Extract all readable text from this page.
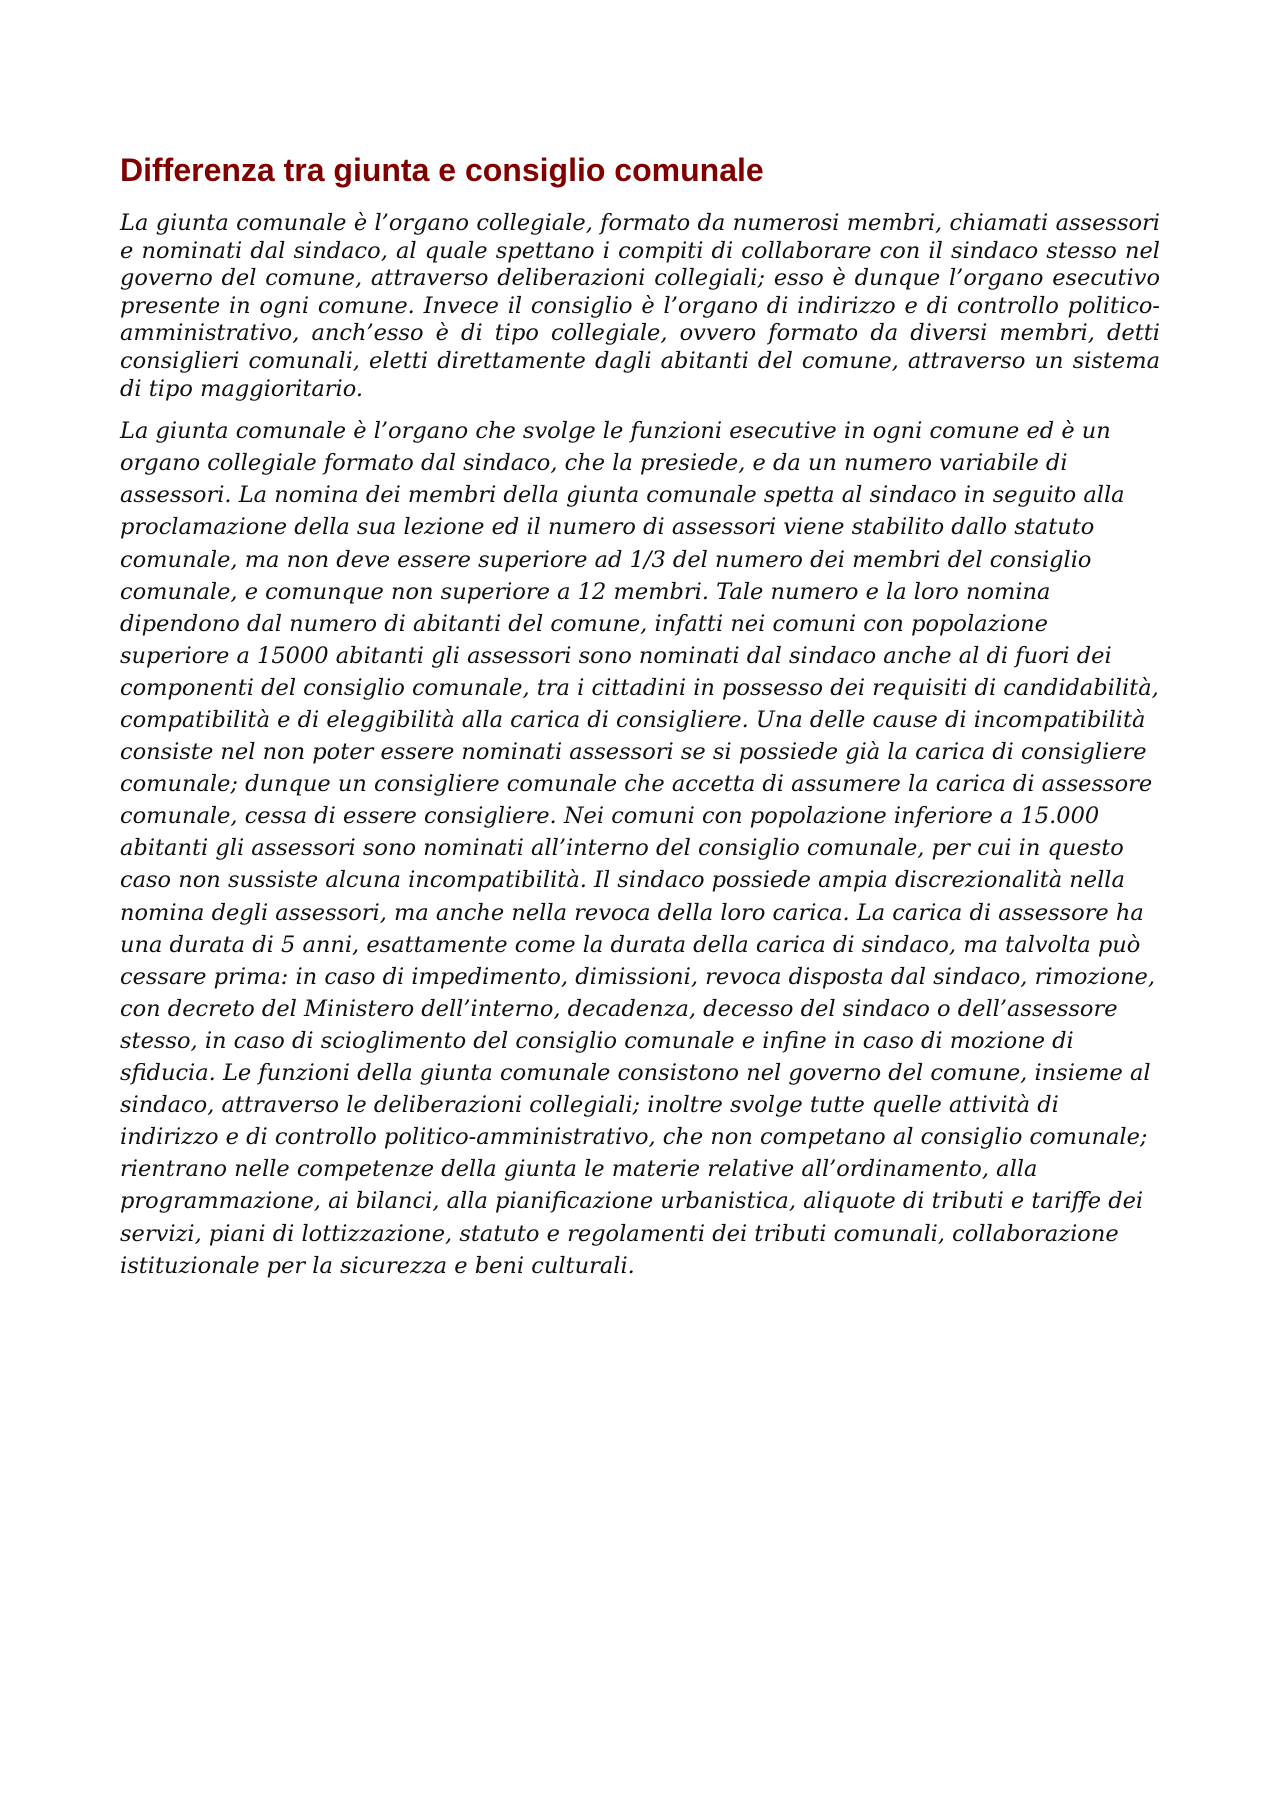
Differenza tra giunta e consiglio comunale

La giunta comunale è l’organo collegiale, formato da numerosi membri, chiamati assessori e nominati dal sindaco, al quale spettano i compiti di collaborare con il sindaco stesso nel governo del comune, attraverso deliberazioni collegiali; esso è dunque l’organo esecutivo presente in ogni comune. Invece il consiglio è l’organo di indirizzo e di controllo politico-amministrativo, anch’esso è di tipo collegiale, ovvero formato da diversi membri, detti consiglieri comunali, eletti direttamente dagli abitanti del comune, attraverso un sistema di tipo maggioritario.

La giunta comunale è l’organo che svolge le funzioni esecutive in ogni comune ed è un organo collegiale formato dal sindaco, che la presiede, e da un numero variabile di assessori. La nomina dei membri della giunta comunale spetta al sindaco in seguito alla proclamazione della sua lezione ed il numero di assessori viene stabilito dallo statuto comunale, ma non deve essere superiore ad 1/3 del numero dei membri del consiglio comunale, e comunque non superiore a 12 membri. Tale numero e la loro nomina dipendono dal numero di abitanti del comune, infatti nei comuni con popolazione superiore a 15000 abitanti gli assessori sono nominati dal sindaco anche al di fuori dei componenti del consiglio comunale, tra i cittadini in possesso dei requisiti di candidabilità, compatibilità e di eleggibilità alla carica di consigliere. Una delle cause di incompatibilità consiste nel non poter essere nominati assessori se si possiede già la carica di consigliere comunale; dunque un consigliere comunale che accetta di assumere la carica di assessore comunale, cessa di essere consigliere. Nei comuni con popolazione inferiore a 15.000 abitanti gli assessori sono nominati all’interno del consiglio comunale, per cui in questo caso non sussiste alcuna incompatibilità. Il sindaco possiede ampia discrezionalità nella nomina degli assessori, ma anche nella revoca della loro carica. La carica di assessore ha una durata di 5 anni, esattamente come la durata della carica di sindaco, ma talvolta può cessare prima: in caso di impedimento, dimissioni, revoca disposta dal sindaco, rimozione, con decreto del Ministero dell’interno, decadenza, decesso del sindaco o dell’assessore stesso, in caso di scioglimento del consiglio comunale e infine in caso di mozione di sfiducia. Le funzioni della giunta comunale consistono nel governo del comune, insieme al sindaco, attraverso le deliberazioni collegiali; inoltre svolge tutte quelle attività di indirizzo e di controllo politico-amministrativo, che non competano al consiglio comunale; rientrano nelle competenze della giunta le materie relative all’ordinamento, alla programmazione, ai bilanci, alla pianificazione urbanistica, aliquote di tributi e tariffe dei servizi, piani di lottizzazione, statuto e regolamenti dei tributi comunali, collaborazione istituzionale per la sicurezza e beni culturali.
